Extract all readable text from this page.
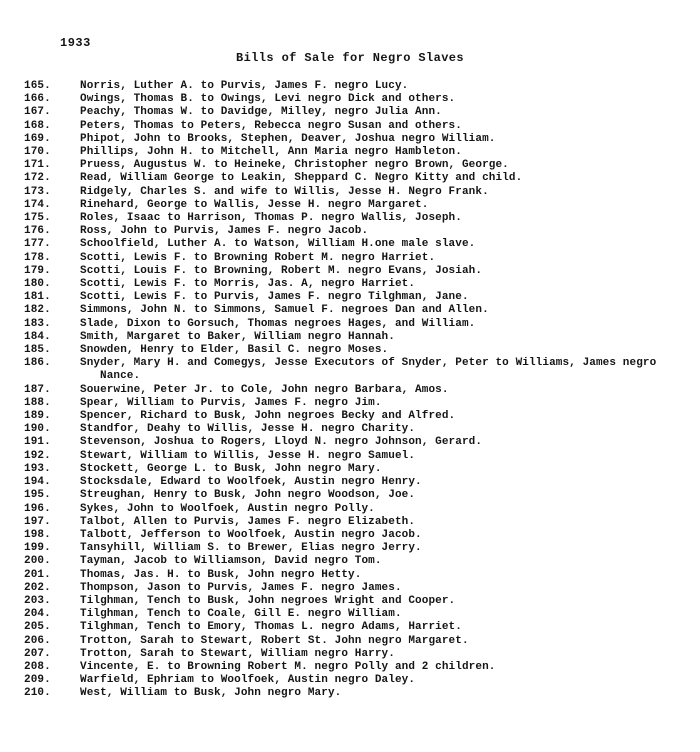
1933
Bills of Sale for Negro Slaves
165.	Norris, Luther A. to Purvis, James F. negro Lucy.
166.	Owings, Thomas B. to Owings, Levi negro Dick and others.
167.	Peachy, Thomas W. to Davidge, Milley, negro Julia Ann.
168.	Peters, Thomas to Peters, Rebecca negro Susan and others.
169.	Phipot, John to Brooks, Stephen, Deaver, Joshua negro William.
170.	Phillips, John H. to Mitchell, Ann Maria negro Hambleton.
171.	Pruess, Augustus W. to Heineke, Christopher negro Brown, George.
172.	Read, William George to Leakin, Sheppard C. Negro Kitty and child.
173.	Ridgely, Charles S. and wife to Willis, Jesse H. Negro Frank.
174.	Rinehard, George to Wallis, Jesse H. negro Margaret.
175.	Roles, Isaac to Harrison, Thomas P. negro Wallis, Joseph.
176.	Ross, John to Purvis, James F. negro Jacob.
177.	Schoolfield, Luther A. to Watson, William H.one male slave.
178.	Scotti, Lewis F. to Browning Robert M. negro Harriet.
179.	Scotti, Louis F. to Browning, Robert M. negro Evans, Josiah.
180.	Scotti, Lewis F. to Morris, Jas. A, negro Harriet.
181.	Scotti, Lewis F. to Purvis, James F. negro Tilghman, Jane.
182.	Simmons, John N. to Simmons, Samuel F. negroes Dan and Allen.
183.	Slade, Dixon to Gorsuch, Thomas negroes Hages, and William.
184.	Smith, Margaret to Baker, William negro Hannah.
185.	Snowden, Henry to Elder, Basil C. negro Moses.
186.	Snyder, Mary H. and Comegys, Jesse Executors of Snyder, Peter to Williams, James negro Nance.
187.	Souerwine, Peter Jr. to Cole, John negro Barbara, Amos.
188.	Spear, William to Purvis, James F. negro Jim.
189.	Spencer, Richard to Busk, John negroes Becky and Alfred.
190.	Standfor, Deahy to Willis, Jesse H. negro Charity.
191.	Stevenson, Joshua to Rogers, Lloyd N. negro Johnson, Gerard.
192.	Stewart, William to Willis, Jesse H. negro Samuel.
193.	Stockett, George L. to Busk, John negro Mary.
194.	Stocksdale, Edward to Woolfoek, Austin negro Henry.
195.	Streughan, Henry to Busk, John negro Woodson, Joe.
196.	Sykes, John to Woolfoek, Austin negro Polly.
197.	Talbot, Allen to Purvis, James F. negro Elizabeth.
198.	Talbott, Jefferson to Woolfoek, Austin negro Jacob.
199.	Tansyhill, William S. to Brewer, Elias negro Jerry.
200.	Tayman, Jacob to Williamson, David negro Tom.
201.	Thomas, Jas. H. to Busk, John negro Hetty.
202.	Thompson, Jason to Purvis, James F. negro James.
203.	Tilghman, Tench to Busk, John negroes Wright and Cooper.
204.	Tilghman, Tench to Coale, Gill E. negro William.
205.	Tilghman, Tench to Emory, Thomas L. negro Adams, Harriet.
206.	Trotton, Sarah to Stewart, Robert St. John negro Margaret.
207.	Trotton, Sarah to Stewart, William negro Harry.
208.	Vincente, E. to Browning Robert M. negro Polly and 2 children.
209.	Warfield, Ephriam to Woolfoek, Austin negro Daley.
210.	West, William to Busk, John negro Mary.
